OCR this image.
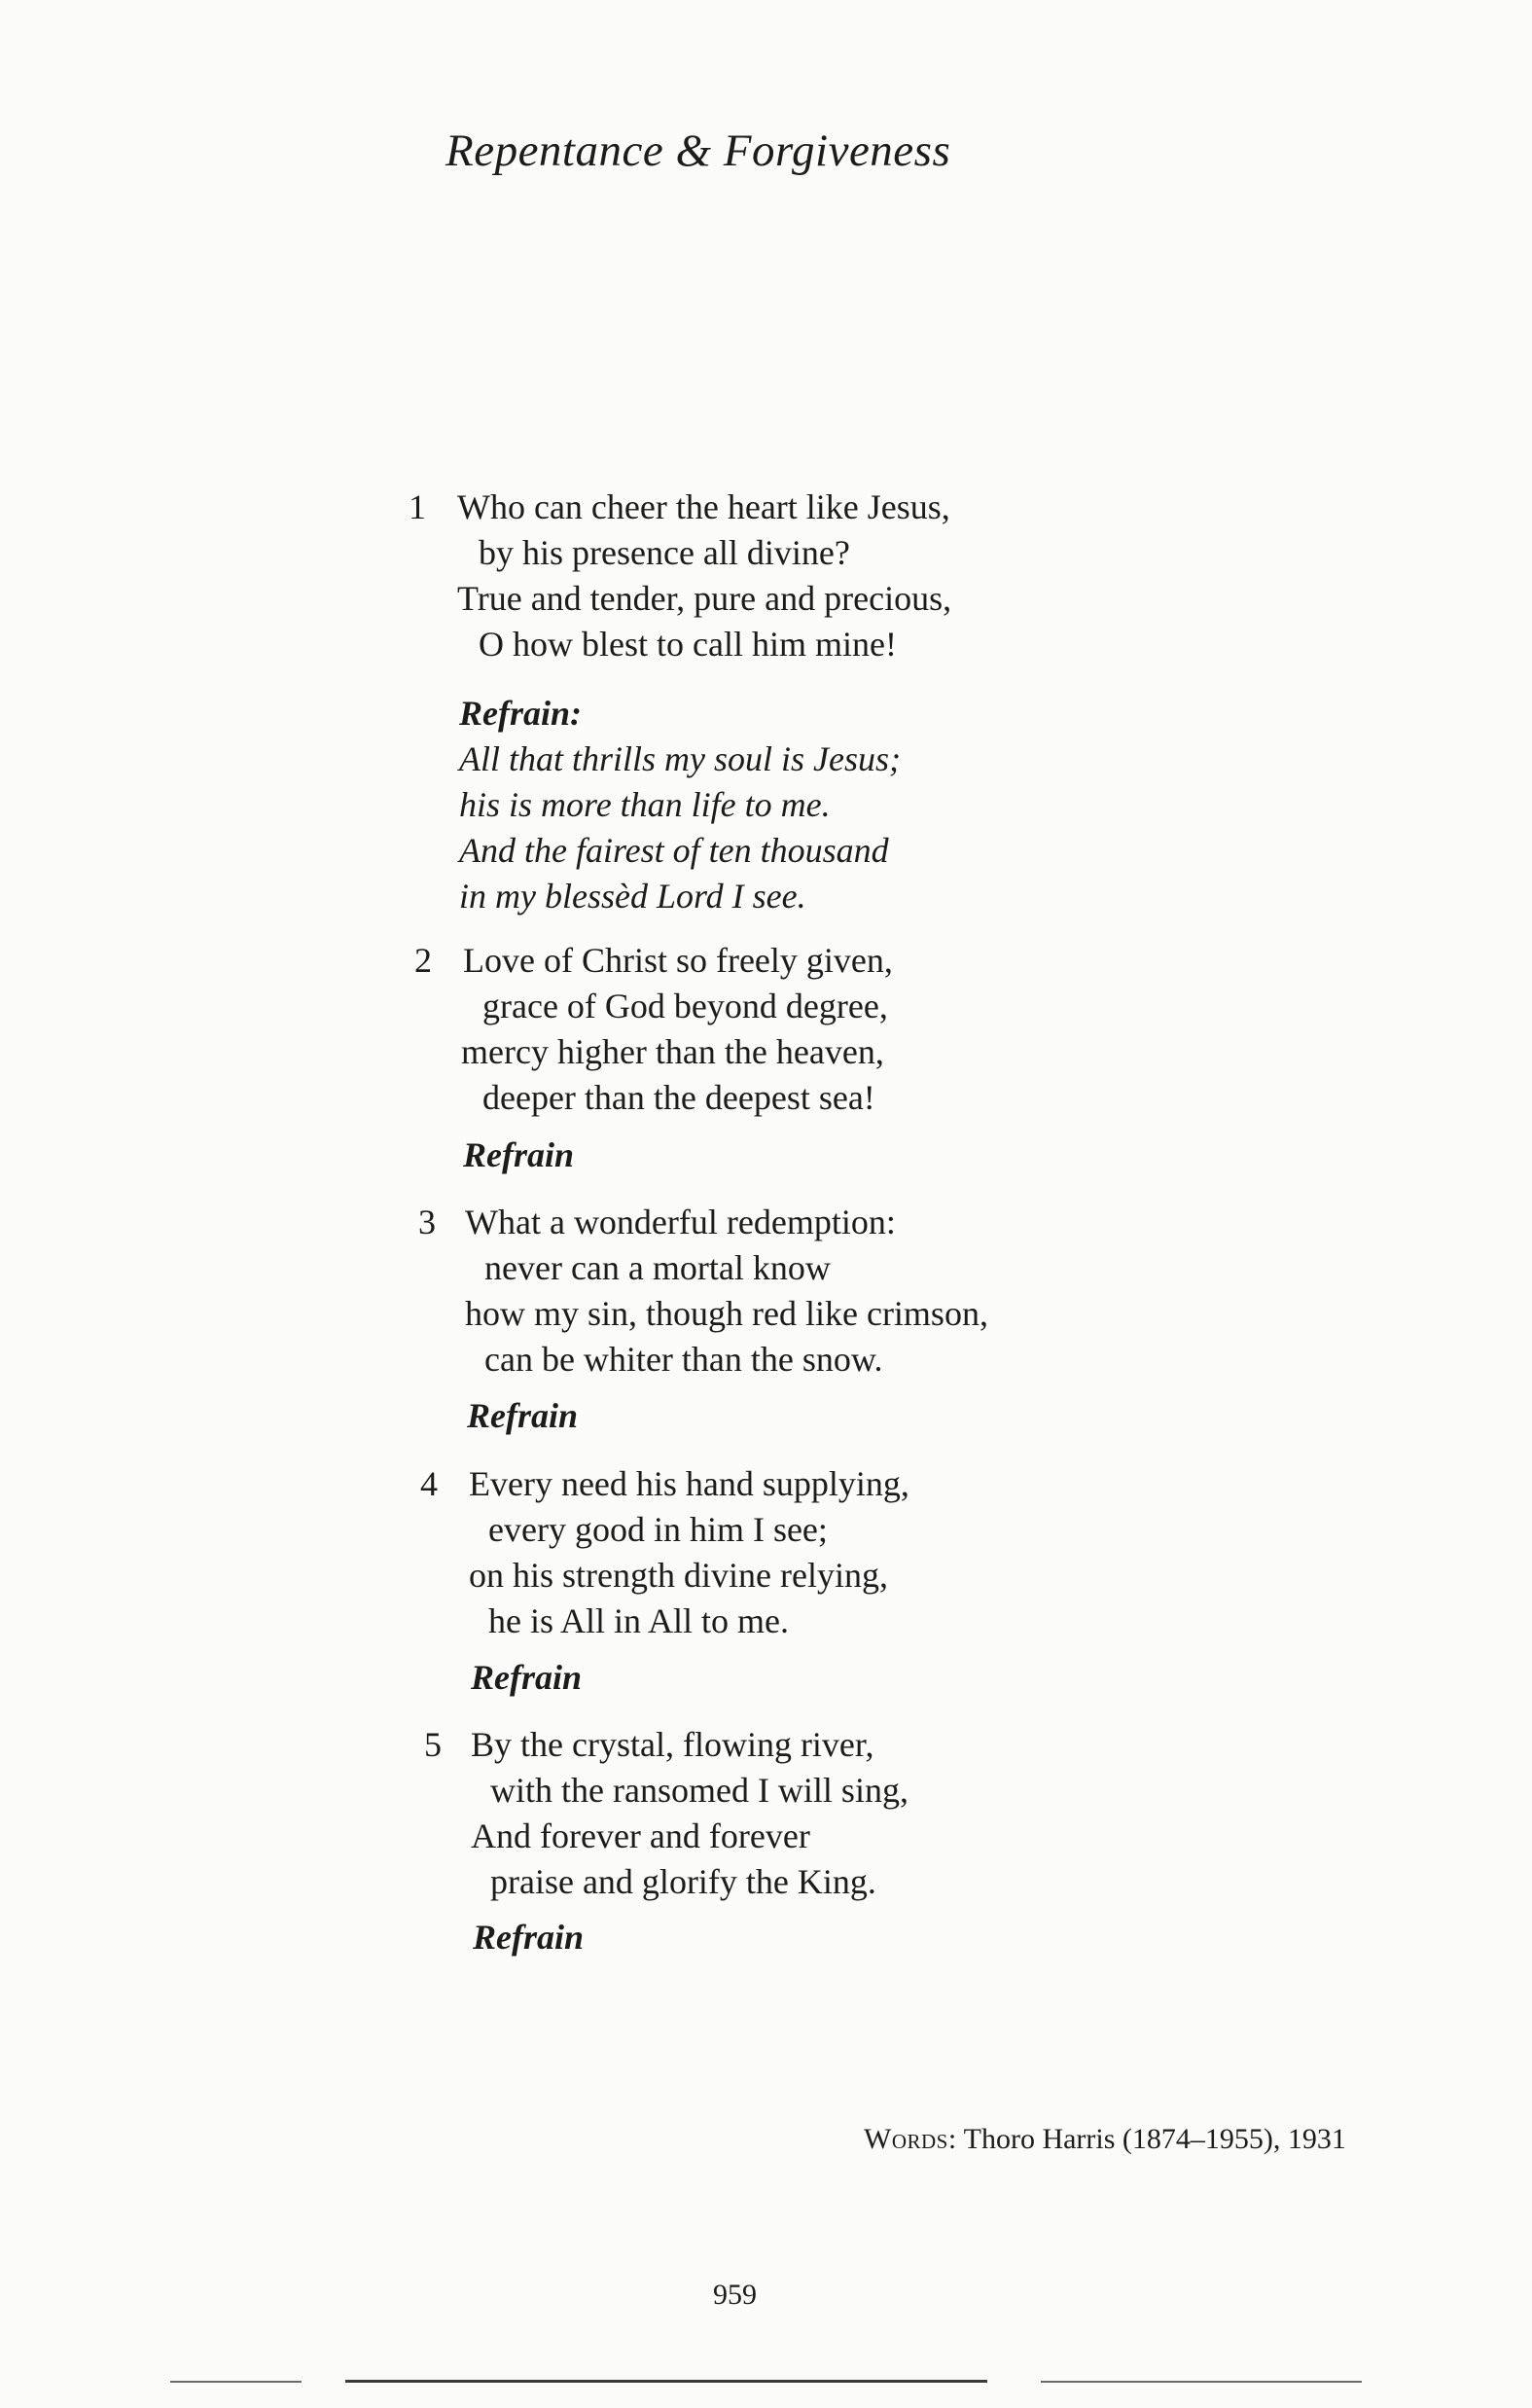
Repentance & Forgiveness
1 Who can cheer the heart like Jesus,
by his presence all divine?
True and tender, pure and precious,
O how blest to call him mine!
Refrain:
All that thrills my soul is Jesus;
his is more than life to me.
And the fairest of ten thousand
in my blessèd Lord I see.
2 Love of Christ so freely given,
grace of God beyond degree,
mercy higher than the heaven,
deeper than the deepest sea!
Refrain
3 What a wonderful redemption:
never can a mortal know
how my sin, though red like crimson,
can be whiter than the snow.
Refrain
4 Every need his hand supplying,
every good in him I see;
on his strength divine relying,
he is All in All to me.
Refrain
5 By the crystal, flowing river,
with the ransomed I will sing,
And forever and forever
praise and glorify the King.
Refrain
Words: Thoro Harris (1874–1955), 1931
959
